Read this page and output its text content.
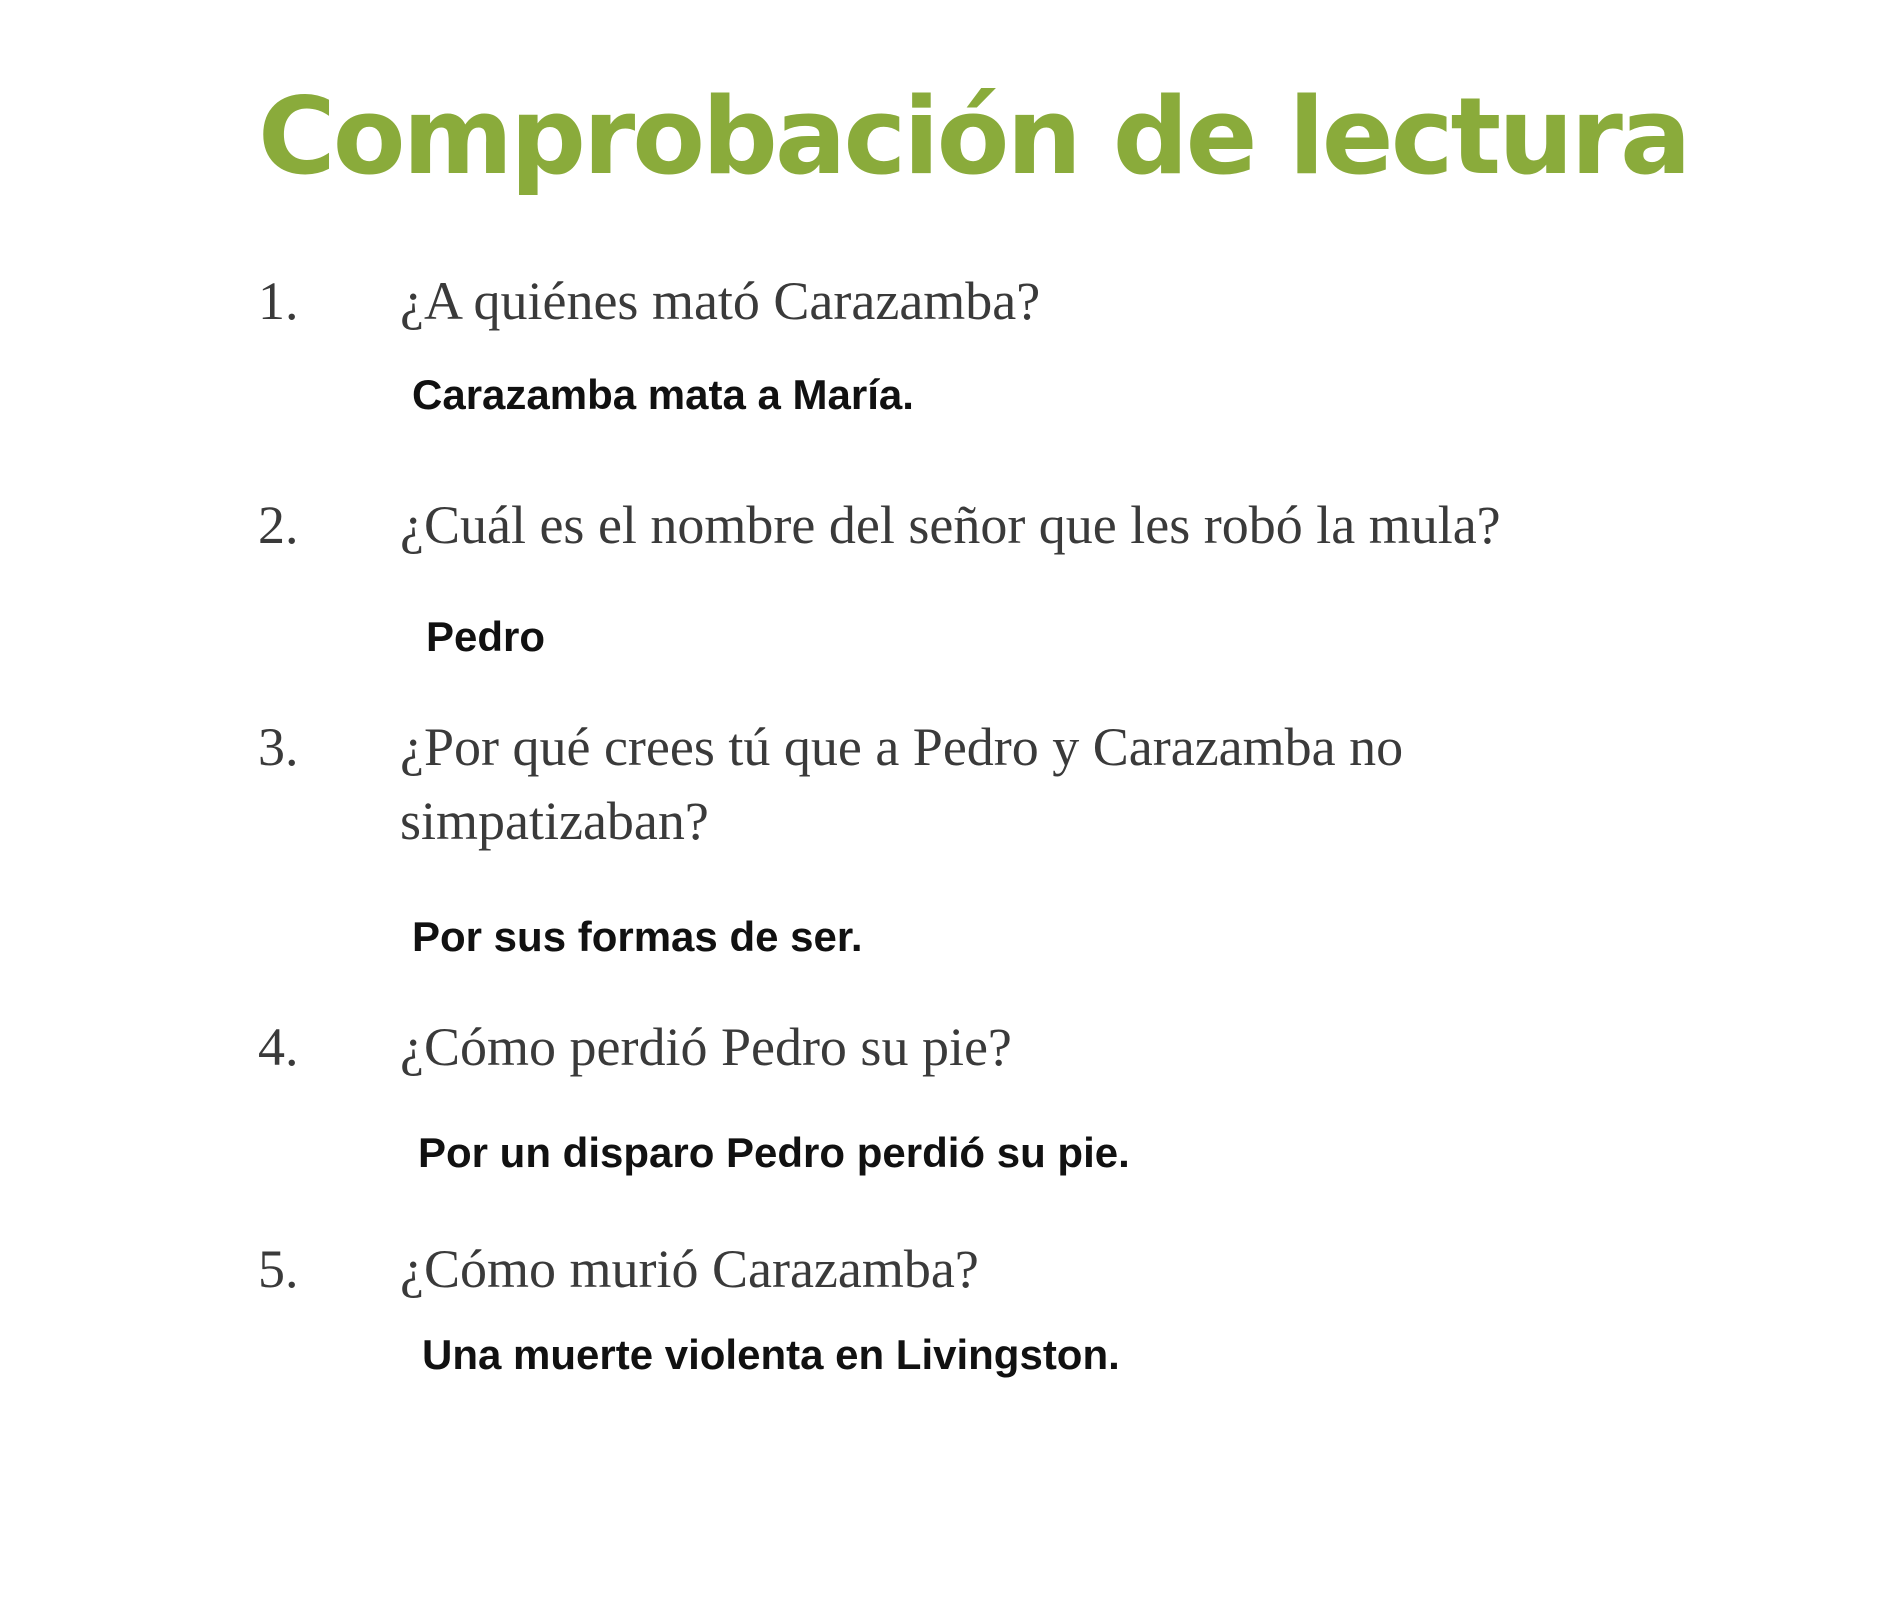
Comprobación de lectura
1. ¿A quiénes mató Carazamba?
Carazamba mata a María.
2. ¿Cuál es el nombre del señor que les robó la mula?
Pedro
3. ¿Por qué crees tú que a Pedro y Carazamba no
simpatizaban?
Por sus formas de ser.
4. ¿Cómo perdió Pedro su pie?
Por un disparo Pedro perdió su pie.
5. ¿Cómo murió Carazamba?
Una muerte violenta en Livingston.
